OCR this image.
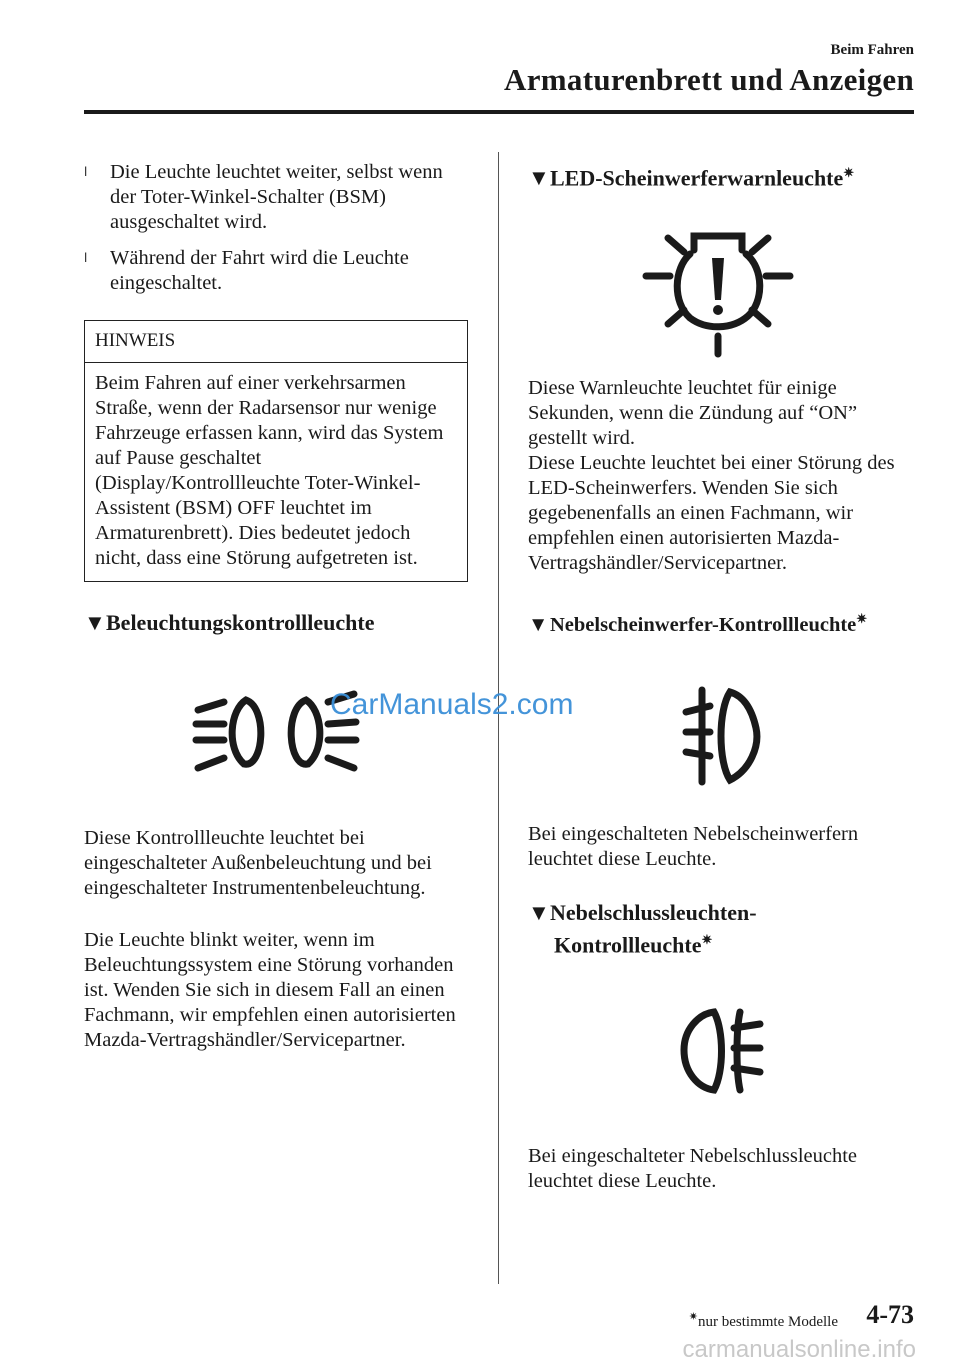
Beim Fahren
Armaturenbrett und Anzeigen
l	Die Leuchte leuchtet weiter, selbst wenn der Toter-Winkel-Schalter (BSM) ausgeschaltet wird.
l	Während der Fahrt wird die Leuchte eingeschaltet.
HINWEIS
Beim Fahren auf einer verkehrsarmen Straße, wenn der Radarsensor nur wenige Fahrzeuge erfassen kann, wird das System auf Pause geschaltet (Display/Kontrollleuchte Toter-Winkel-Assistent (BSM) OFF leuchtet im Armaturenbrett). Dies bedeutet jedoch nicht, dass eine Störung aufgetreten ist.
▼Beleuchtungskontrollleuchte
CarManuals2.com

Diese Kontrollleuchte leuchtet bei eingeschalteter Außenbeleuchtung und bei eingeschalteter Instrumentenbeleuchtung.

Die Leuchte blinkt weiter, wenn im Beleuchtungssystem eine Störung vorhanden ist. Wenden Sie sich in diesem Fall an einen Fachmann, wir empfehlen einen autorisierten Mazda-Vertragshändler/Servicepartner.

▼LED-Scheinwerferwarnleuchte✷

Diese Warnleuchte leuchtet für einige Sekunden, wenn die Zündung auf “ON” gestellt wird.
Diese Leuchte leuchtet bei einer Störung des LED-Scheinwerfers. Wenden Sie sich gegebenenfalls an einen Fachmann, wir empfehlen einen autorisierten Mazda-Vertragshändler/Servicepartner.

▼Nebelscheinwerfer-Kontrollleuchte✷

Bei eingeschalteten Nebelscheinwerfern leuchtet diese Leuchte.

▼Nebelschlussleuchten-
Kontrollleuchte✷

Bei eingeschalteter Nebelschlussleuchte leuchtet diese Leuchte.

✷nur bestimmte Modelle 4-73
carmanualsonline.info
